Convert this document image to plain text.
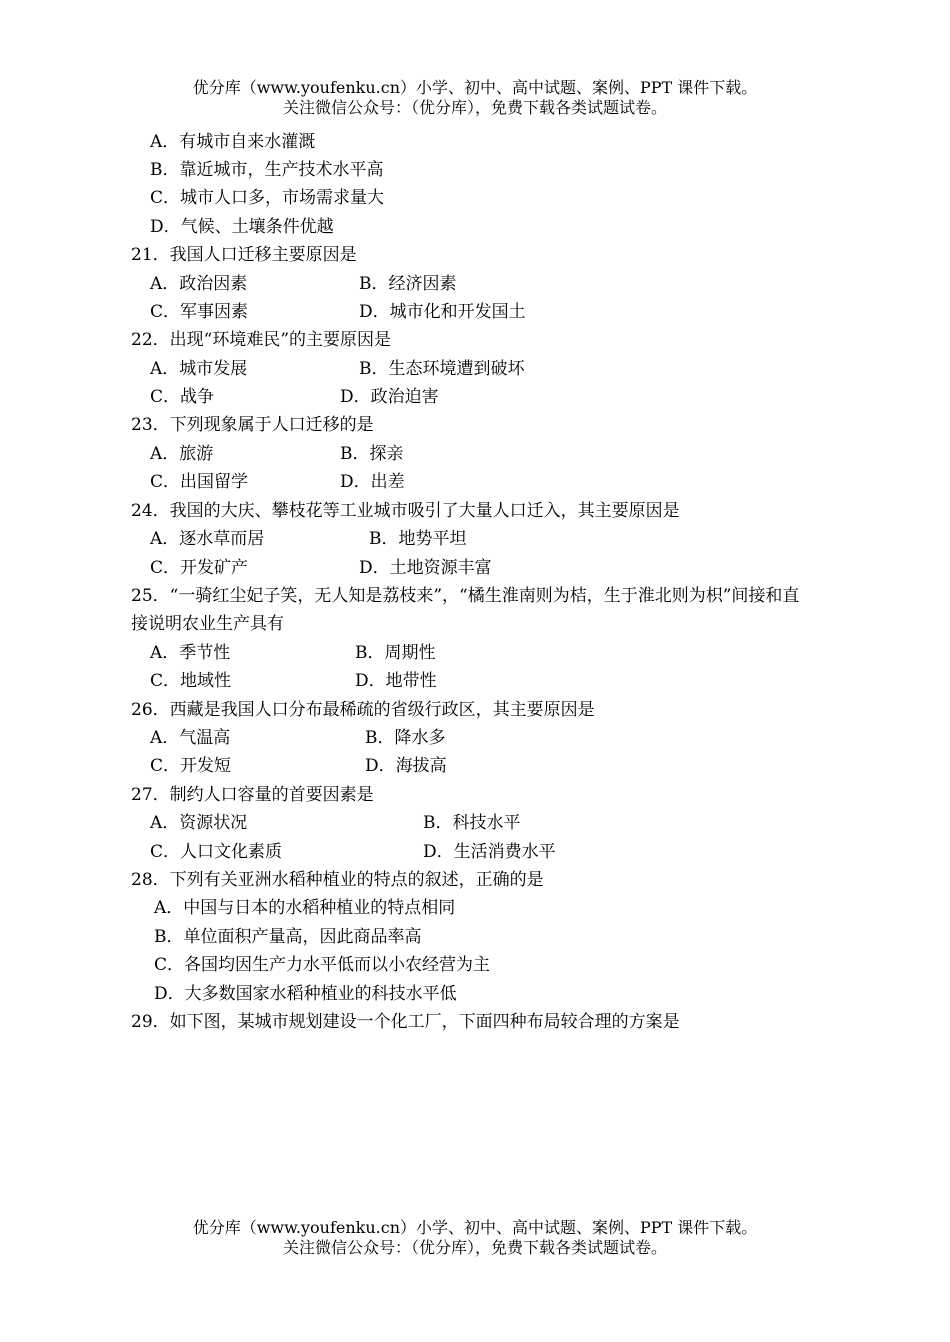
优分库（www.youfenku.cn）小学、初中、高中试题、案例、PPT 课件下载。
关注微信公众号：（优分库），免费下载各类试题试卷。
A．有城市自来水灌溉
B．靠近城市，生产技术水平高
C．城市人口多，市场需求量大
D．气候、土壤条件优越
21．我国人口迁移主要原因是
A．政治因素	B．经济因素
C．军事因素	D．城市化和开发国土
22．出现“环境难民”的主要原因是
A．城市发展	B．生态环境遭到破坏
C．战争	D．政治迫害
23．下列现象属于人口迁移的是
A．旅游	B．探亲
C．出国留学	D．出差
24．我国的大庆、攀枝花等工业城市吸引了大量人口迁入，其主要原因是
A．逐水草而居	B．地势平坦
C．开发矿产	D．土地资源丰富
25．“一骑红尘妃子笑，无人知是荔枝来”，“橘生淮南则为桔，生于淮北则为枳”间接和直
接说明农业生产具有
A．季节性	B．周期性
C．地域性	D．地带性
26．西藏是我国人口分布最稀疏的省级行政区，其主要原因是
A．气温高	B．降水多
C．开发短	D．海拔高
27．制约人口容量的首要因素是
A．资源状况	B．科技水平
C．人口文化素质	D．生活消费水平
28．下列有关亚洲水稻种植业的特点的叙述，正确的是
A．中国与日本的水稻种植业的特点相同
B．单位面积产量高，因此商品率高
C．各国均因生产力水平低而以小农经营为主
D．大多数国家水稻种植业的科技水平低
29．如下图，某城市规划建设一个化工厂，下面四种布局较合理的方案是
优分库（www.youfenku.cn）小学、初中、高中试题、案例、PPT 课件下载。
关注微信公众号：（优分库），免费下载各类试题试卷。
